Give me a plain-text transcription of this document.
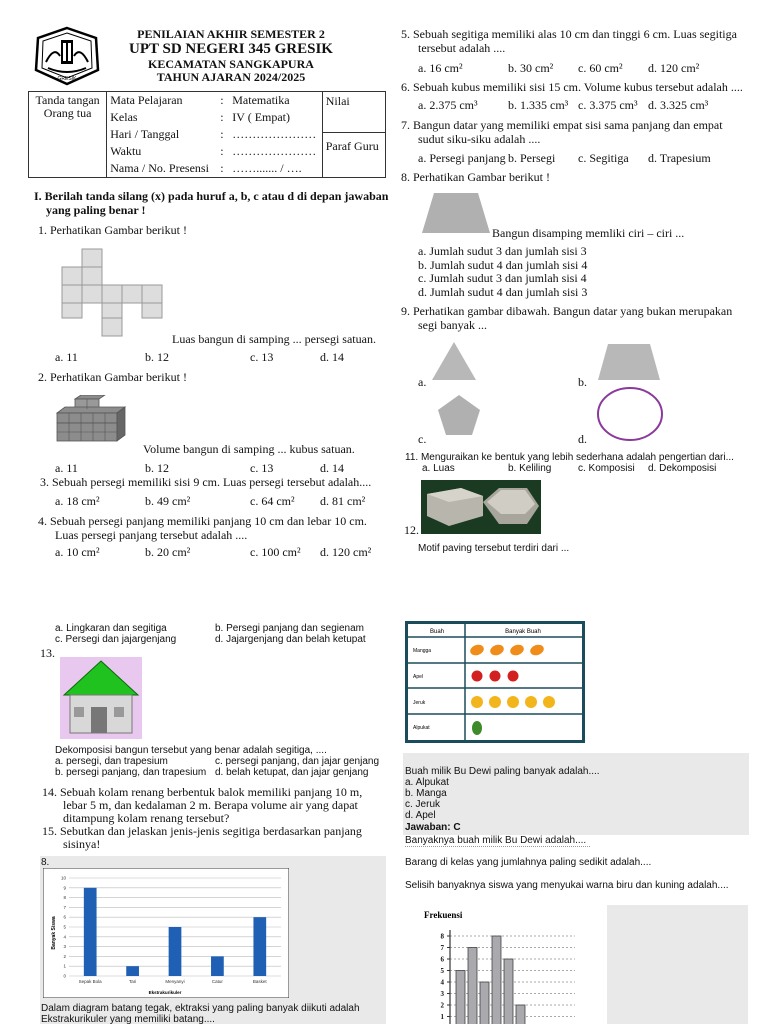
GRESIK
PENILAIAN AKHIR SEMESTER 2
UPT SD NEGERI 345 GRESIK
KECAMATAN SANGKAPURA
TAHUN AJARAN 2024/2025
Tanda tangan Orang tua	
Mata Pelajaran	:	Matematika
Kelas	:	IV ( Empat)
Hari / Tanggal	:	…………………
Waktu	:	…………………
Nama / No. Presensi	:	……....... / ….

Nilai
Paraf Guru
I. Berilah tanda silang (x) pada huruf a, b, c atau d di depan jawaban yang paling benar !
1. Perhatikan Gambar berikut !
Luas bangun di samping ... persegi satuan.
a. 11	b. 12	c. 13	d. 14
2. Perhatikan Gambar berikut !
Volume bangun di samping ... kubus satuan.
a. 11	b. 12	c. 13	d. 14
3. Sebuah persegi memiliki sisi 9 cm. Luas persegi tersebut adalah....
a. 18 cm²	b. 49 cm²	c. 64 cm² d. 81 cm²
4. Sebuah persegi panjang memiliki panjang 10 cm dan lebar 10 cm.
Luas persegi panjang tersebut adalah ....
a. 10 cm²	b. 20 cm²	c. 100 cm² d. 120 cm²
5. Sebuah segitiga memiliki alas 10 cm dan tinggi 6 cm. Luas segitiga
tersebut adalah ....
a. 16 cm²	b. 30 cm² c. 60 cm² d. 120 cm²
6. Sebuah kubus memiliki sisi 15 cm. Volume kubus tersebut adalah ....
a. 2.375 cm³	b. 1.335 cm³ c. 3.375 cm³ d. 3.325 cm³
7. Bangun datar yang memiliki empat sisi sama panjang dan empat
sudut siku-siku adalah ....
a. Persegi panjang b. Persegi c. Segitiga d. Trapesium
8. Perhatikan Gambar berikut !
Bangun disamping memliki ciri – ciri ...
a. Jumlah sudut 3 dan jumlah sisi 3
b. Jumlah sudut 4 dan jumlah sisi 4
c. Jumlah sudut 3 dan jumlah sisi 4
d. Jumlah sudut 4 dan jumlah sisi 3
9. Perhatikan gambar dibawah. Bangun datar yang bukan merupakan
segi banyak ...
a.	b.
c.	d.
11. Menguraikan ke bentuk yang lebih sederhana adalah pengertian dari...
a. Luas	b. Keliling	c. Komposisi d. Dekomposisi
12.
Motif paving tersebut terdiri dari ...
a. Lingkaran dan segitiga	b. Persegi panjang dan segienam
c. Persegi dan jajargenjang	d. Jajargenjang dan belah ketupat
13.
Dekomposisi bangun tersebut yang benar adalah segitiga, ....
a. persegi, dan trapesium	c. persegi panjang, dan jajar genjang
b. persegi panjang, dan trapesium d. belah ketupat, dan jajar genjang
14. Sebuah kolam renang berbentuk balok memiliki panjang 10 m,
lebar 5 m, dan kedalaman 2 m. Berapa volume air yang dapat
ditampung kolam renang tersebut?
15. Sebutkan dan jelaskan jenis-jenis segitiga berdasarkan panjang
sisinya!
8.
0
1
2
3
4
5
6
7
8
9
10
Sepak Bola	Tari	Menyanyi	Catur	Basket
Ekstrakurikuler
Banyak Siswa
Dalam diagram batang tegak, ektraksi yang paling banyak diikuti adalah
Ekstrakurikuler yang memiliki batang....
Buah	Banyak Buah
Mangga
Apel
Jeruk
Alpukat
Buah milik Bu Dewi paling banyak adalah....
a. Alpukat
b. Manga
c. Jeruk
d. Apel
Jawaban: C
Banyaknya buah milik Bu Dewi adalah....
Barang di kelas yang jumlahnya paling sedikit adalah....
Selisih banyaknya siswa yang menyukai warna biru dan kuning adalah....
Frekuensi
1
2
3
4
5
6
7
8
